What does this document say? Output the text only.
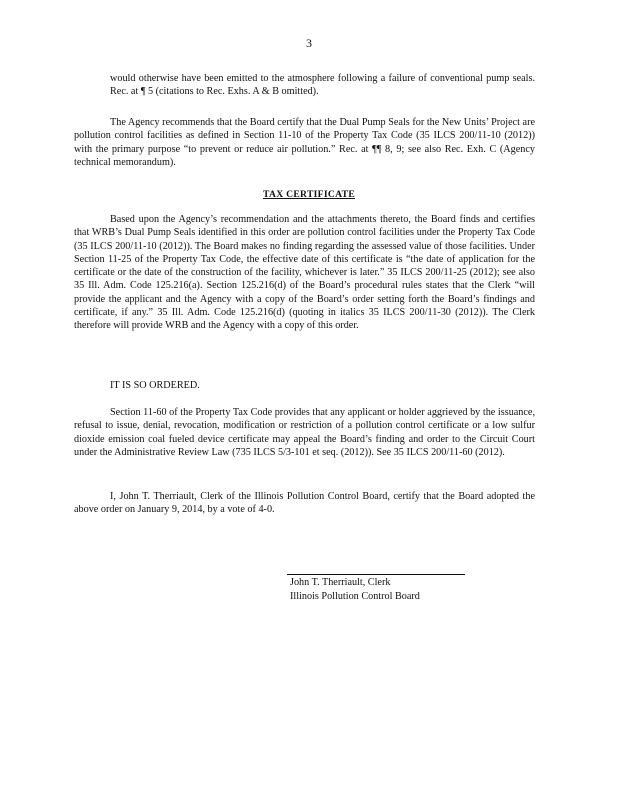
3

would otherwise have been emitted to the atmosphere following a failure of conventional pump seals. Rec. at ¶ 5 (citations to Rec. Exhs. A & B omitted).

The Agency recommends that the Board certify that the Dual Pump Seals for the New Units’ Project are pollution control facilities as defined in Section 11-10 of the Property Tax Code (35 ILCS 200/11-10 (2012)) with the primary purpose “to prevent or reduce air pollution.” Rec. at ¶¶ 8, 9; see also Rec. Exh. C (Agency technical memorandum).

TAX CERTIFICATE

Based upon the Agency’s recommendation and the attachments thereto, the Board finds and certifies that WRB’s Dual Pump Seals identified in this order are pollution control facilities under the Property Tax Code (35 ILCS 200/11-10 (2012)). The Board makes no finding regarding the assessed value of those facilities. Under Section 11-25 of the Property Tax Code, the effective date of this certificate is “the date of application for the certificate or the date of the construction of the facility, whichever is later.” 35 ILCS 200/11-25 (2012); see also 35 Ill. Adm. Code 125.216(a). Section 125.216(d) of the Board’s procedural rules states that the Clerk “will provide the applicant and the Agency with a copy of the Board’s order setting forth the Board’s findings and certificate, if any.” 35 Ill. Adm. Code 125.216(d) (quoting in italics 35 ILCS 200/11-30 (2012)). The Clerk therefore will provide WRB and the Agency with a copy of this order.

IT IS SO ORDERED.

Section 11-60 of the Property Tax Code provides that any applicant or holder aggrieved by the issuance, refusal to issue, denial, revocation, modification or restriction of a pollution control certificate or a low sulfur dioxide emission coal fueled device certificate may appeal the Board’s finding and order to the Circuit Court under the Administrative Review Law (735 ILCS 5/3-101 et seq. (2012)). See 35 ILCS 200/11-60 (2012).

I, John T. Therriault, Clerk of the Illinois Pollution Control Board, certify that the Board adopted the above order on January 9, 2014, by a vote of 4-0.

John T. Therriault, Clerk
Illinois Pollution Control Board
